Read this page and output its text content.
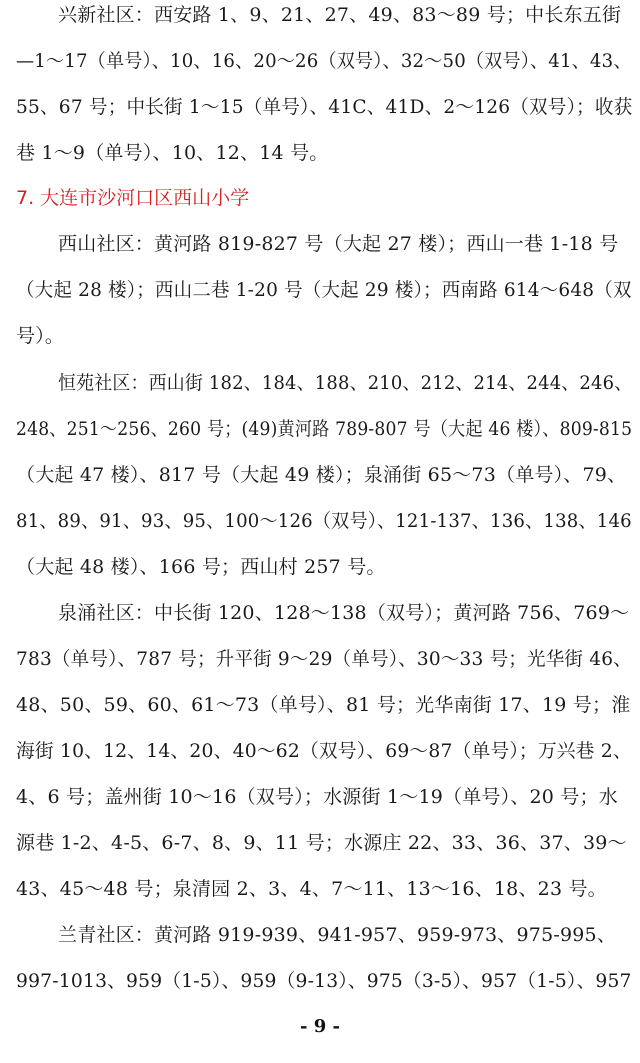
兴新社区：西安路 1、9、21、27、49、83～89 号；中长东五街
—1～17（单号）、10、16、20～26（双号）、32～50（双号）、41、43、
55、67 号；中长街 1～15（单号）、41C、41D、2～126（双号）；收获
巷 1～9（单号）、10、12、14 号。
7. 大连市沙河口区西山小学
西山社区：黄河路 819-827 号（大起 27 楼）；西山一巷 1-18 号
（大起 28 楼）；西山二巷 1-20 号（大起 29 楼）；西南路 614～648（双
号）。
恒苑社区：西山街 182、184、188、210、212、214、244、246、
248、251～256、260 号；(49)黄河路 789-807 号（大起 46 楼）、809-815
（大起 47 楼）、817 号（大起 49 楼）；泉涌街 65～73（单号）、79、
81、89、91、93、95、100～126（双号）、121-137、136、138、146
（大起 48 楼）、166 号；西山村 257 号。
泉涌社区：中长街 120、128～138（双号）；黄河路 756、769～
783（单号）、787 号；升平街 9～29（单号）、30～33 号；光华街 46、
48、50、59、60、61～73（单号）、81 号；光华南街 17、19 号；淮
海街 10、12、14、20、40～62（双号）、69～87（单号）；万兴巷 2、
4、6 号；盖州街 10～16（双号）；水源街 1～19（单号）、20 号；水
源巷 1-2、4-5、6-7、8、9、11 号；水源庄 22、33、36、37、39～
43、45～48 号；泉清园 2、3、4、7～11、13～16、18、23 号。
兰青社区：黄河路 919-939、941-957、959-973、975-995、
997-1013、959（1-5）、959（9-13）、975（3-5）、957（1-5）、957
- 9 -
